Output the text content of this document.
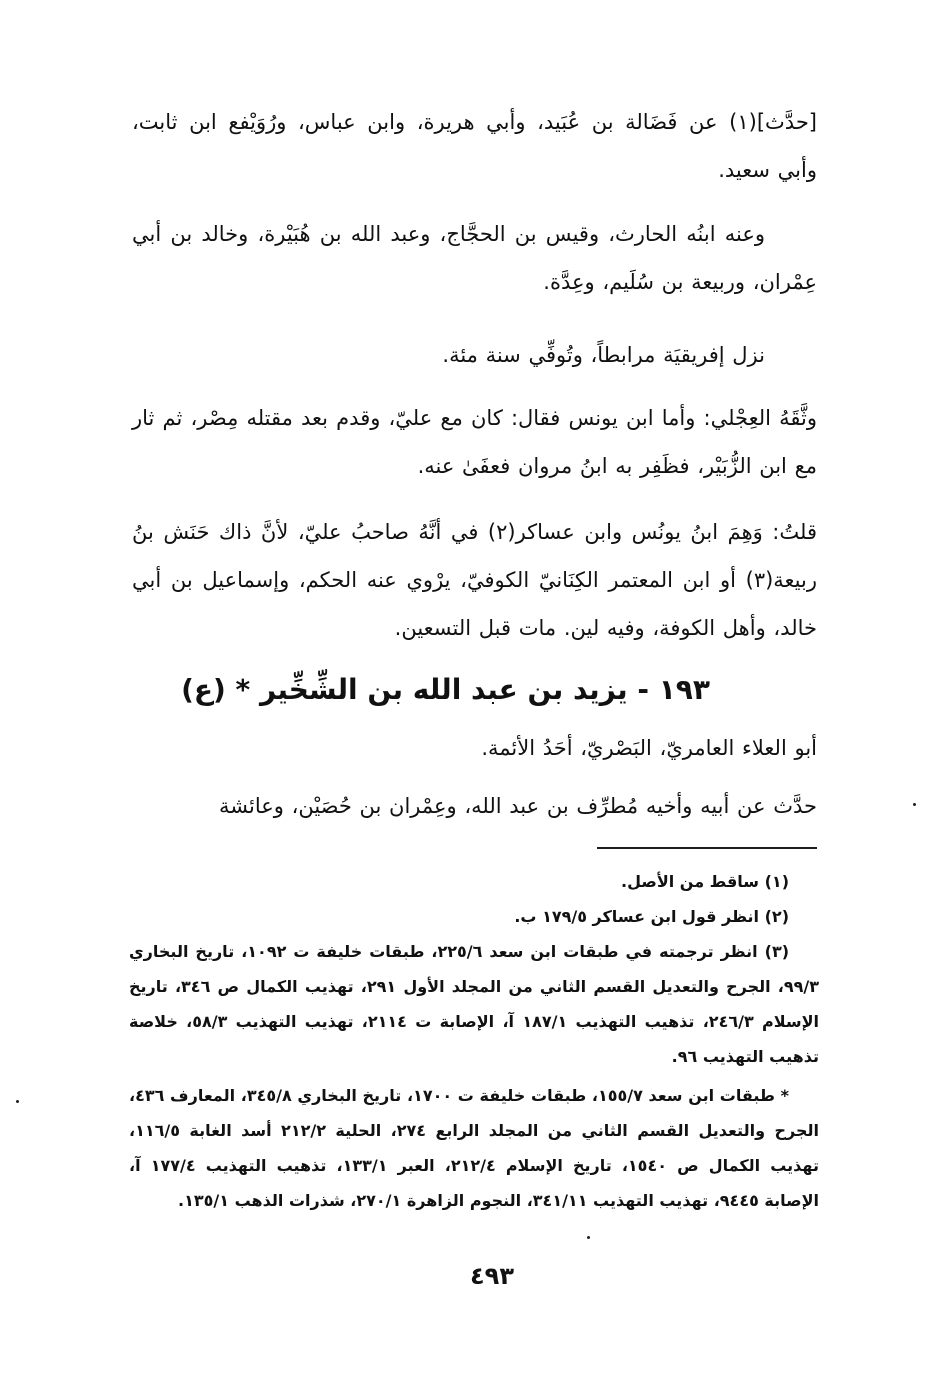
[حدَّث](١) عن فَضَالة بن عُبَيد، وأبي هريرة، وابن عباس، ورُوَيْفع ابن ثابت، وأبي سعيد.

وعنه ابنُه الحارث، وقيس بن الحجَّاج، وعبد الله بن هُبَيْرة، وخالد بن أبي عِمْران، وربيعة بن سُلَيم، وعِدَّة.

نزل إفريقيَة مرابطاً، وتُوفِّي سنة مئة.

وثَّقَهُ العِجْلي: وأما ابن يونس فقال: كان مع عليّ، وقدم بعد مقتله مِصْر، ثم ثار مع ابن الزُّبَيْر، فظَفِر به ابنُ مروان فعفَىٰ عنه.

قلتُ: وَهِمَ ابنُ يونُس وابن عساكر(٢) في أنَّهُ صاحبُ عليّ، لأنَّ ذاك حَنَش بنُ ربيعة(٣) أو ابن المعتمر الكِنَانيّ الكوفيّ، يرْوي عنه الحكم، وإسماعيل بن أبي خالد، وأهل الكوفة، وفيه لين. مات قبل التسعين.

١٩٣ - يزيد بن عبد الله بن الشِّخِّير * (ع)

أبو العلاء العامريّ، البَصْريّ، أحَدُ الأئمة.

حدَّث عن أبيه وأخيه مُطرِّف بن عبد الله، وعِمْران بن حُصَيْن، وعائشة

(١) ساقط من الأصل.

(٢) انظر قول ابن عساكر ١٧٩/٥ ب.

(٣) انظر ترجمته في طبقات ابن سعد ٢٢٥/٦، طبقات خليفة ت ١٠٩٢، تاريخ البخاري ٩٩/٣، الجرح والتعديل القسم الثاني من المجلد الأول ٢٩١، تهذيب الكمال ص ٣٤٦، تاريخ الإسلام ٢٤٦/٣، تذهيب التهذيب ١٨٧/١ آ، الإصابة ت ٢١١٤، تهذيب التهذيب ٥٨/٣، خلاصة تذهيب التهذيب ٩٦.

* طبقات ابن سعد ١٥٥/٧، طبقات خليفة ت ١٧٠٠، تاريخ البخاري ٣٤٥/٨، المعارف ٤٣٦، الجرح والتعديل القسم الثاني من المجلد الرابع ٢٧٤، الحلية ٢١٢/٢ أسد الغابة ١١٦/٥، تهذيب الكمال ص ١٥٤٠، تاريخ الإسلام ٢١٢/٤، العبر ١٣٣/١، تذهيب التهذيب ١٧٧/٤ آ، الإصابة ٩٤٤٥، تهذيب التهذيب ٣٤١/١١، النجوم الزاهرة ٢٧٠/١، شذرات الذهب ١٣٥/١.

٤٩٣
